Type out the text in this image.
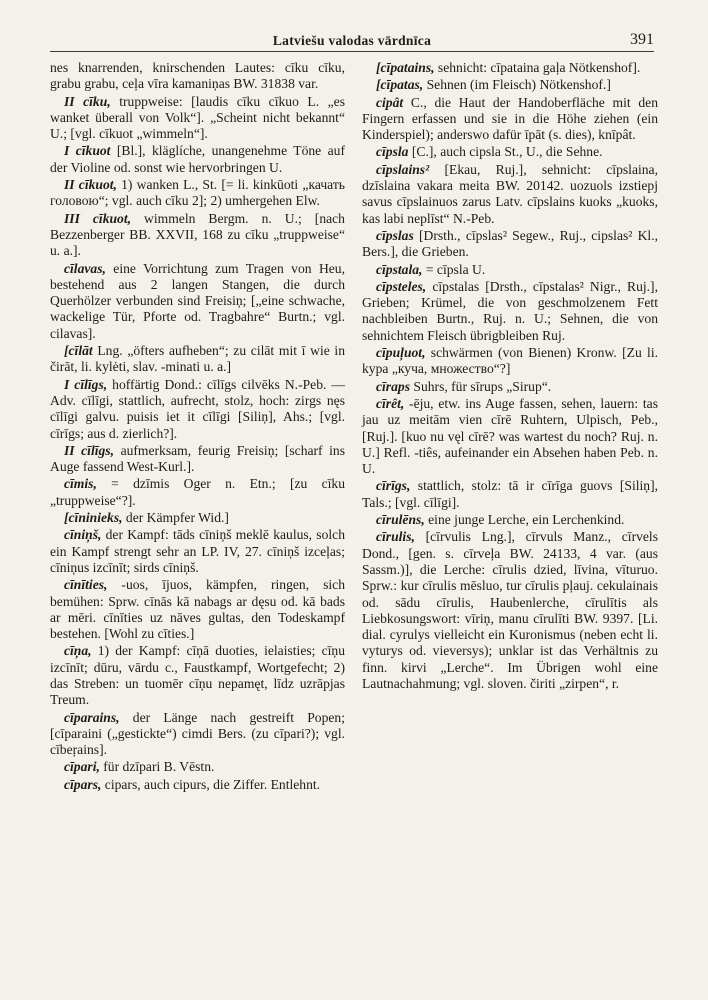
Latviešu valodas vārdnīca	391

nes knarrenden, knirschenden Lautes: cīku cīku, grabu grabu, ceļa vīra kamaniņas BW. 31838 var.

II cīku, truppweise: [laudis cīku cīkuo L. „es wanket überall von Volk“]. „Scheint nicht bekannt“ U.; [vgl. cīkuot „wimmeln“].

I cīkuot [Bl.], kläglíche, unangenehme Töne auf der Violine od. sonst wie hervorbringen U.

II cīkuot, 1) wanken L., St. [= li. kinkūoti „качать головою“; vgl. auch cīku 2]; 2) umhergehen Elw.

III cīkuot, wimmeln Bergm. n. U.; [nach Bezzenberger BB. XXVII, 168 zu cīku „truppweise“ u. a.].

cīlavas, eine Vorrichtung zum Tragen von Heu, bestehend aus 2 langen Stangen, die durch Querhölzer verbunden sind Freisiņ; [„eine schwache, wackelige Tür, Pforte od. Tragbahre“ Burtn.; vgl. cilavas].

[cīlāt Lng. „öfters aufheben“; zu cilāt mit ī wie in čirāt, li. kylėti, slav. -minati u. a.]

I cīlīgs, hoffärtig Dond.: cīlīgs cilvēks N.-Peb. — Adv. cīlīgi, stattlich, aufrecht, stolz, hoch: zirgs nęs cīlīgi galvu. puisis iet it cīlīgi [Siliņ], Ahs.; [vgl. cīrīgs; aus d. zierlich?].

II cīlīgs, aufmerksam, feurig Freisiņ; [scharf ins Auge fassend West-Kurl.].

cīmis, = dzīmis Oger n. Etn.; [zu cīku „truppweise“?].

[cīninieks, der Kämpfer Wid.]

cīniņš, der Kampf: tāds cīniņš meklē kaulus, solch ein Kampf strengt sehr an LP. IV, 27. cīniņš izceļas; cīniņus izcīnīt; sirds cīniņš.

cīnīties, -uos, ījuos, kämpfen, ringen, sich bemühen: Sprw. cīnās kā nabags ar dęsu od. kā bads ar mēri. cīnīties uz nāves gultas, den Todeskampf bestehen. [Wohl zu cīties.]

cīņa, 1) der Kampf: cīņā duoties, ielaisties; cīņu izcīnīt; dūru, vārdu c., Faustkampf, Wortgefecht; 2) das Streben: un tuomēr cīņu nepamęt, līdz uzrāpjas Treum.

cīparains, der Länge nach gestreift Popen; [cīparaini („gestickte“) cimdi Bers. (zu cīpari?); vgl. cībeŗains].

cīpari, für dzīpari B. Vēstn.

cīpars, cipars, auch cipurs, die Ziffer. Entlehnt.

[cīpatains, sehnicht: cīpataina gaļa Nötkenshof].

[cīpatas, Sehnen (im Fleisch) Nötkenshof.]

cipât C., die Haut der Handoberfläche mit den Fingern erfassen und sie in die Höhe ziehen (ein Kinderspiel); anderswo dafür īpāt (s. dies), knīpât.

cīpsla [C.], auch cipsla St., U., die Sehne.

cīpslains² [Ekau, Ruj.], sehnicht: cīpslaina, dzīslaina vakara meita BW. 20142. uozuols izstiepj savus cīpslainuos zarus Latv. cīpslains kuoks „kuoks, kas labi neplīst“ N.-Peb.

cīpslas [Drsth., cīpslas² Segew., Ruj., cipslas² Kl., Bers.], die Grieben.

cīpstala, = cīpsla U.

cīpsteles, cīpstalas [Drsth., cīpstalas² Nigr., Ruj.], Grieben; Krümel, die von geschmolzenem Fett nachbleiben Burtn., Ruj. n. U.; Sehnen, die von sehnichtem Fleisch übrigbleiben Ruj.

cīpuļuot, schwärmen (von Bienen) Kronw. [Zu li. kypa „куча, множество“?]

cīraps Suhrs, für sīrups „Sirup“.

cīrêt, -ēju, etw. ins Auge fassen, sehen, lauern: tas jau uz meitām vien cīrē Ruhtern, Ulpisch, Peb., [Ruj.]. [kuo nu vęl cīrē? was wartest du noch? Ruj. n. U.] Refl. -tiês, aufeinander ein Absehen haben Peb. n. U.

cīrīgs, stattlich, stolz: tā ir cīrīga guovs [Siliņ], Tals.; [vgl. cīlīgi].

cīrulēns, eine junge Lerche, ein Lerchenkind.

cīrulis, [cīrvulis Lng.], cīrvuls Manz., cīrvels Dond., [gen. s. cīrveļa BW. 24133, 4 var. (aus Sassm.)], die Lerche: cīrulis dzied, līvina, vīturuo. Sprw.: kur cīrulis mēsluo, tur cīrulis pļauj. cekulainais od. sādu cīrulis, Haubenlerche, cīrulītis als Liebkosungswort: vīriņ, manu cīrulīti BW. 9397. [Li. dial. cyrulys vielleicht ein Kuronismus (neben echt li. vyturys od. vieversys); unklar ist das Verhältnis zu finn. kirvi „Lerche“. Im Übrigen wohl eine Lautnachahmung; vgl. sloven. čiriti „zirpen“, r.
